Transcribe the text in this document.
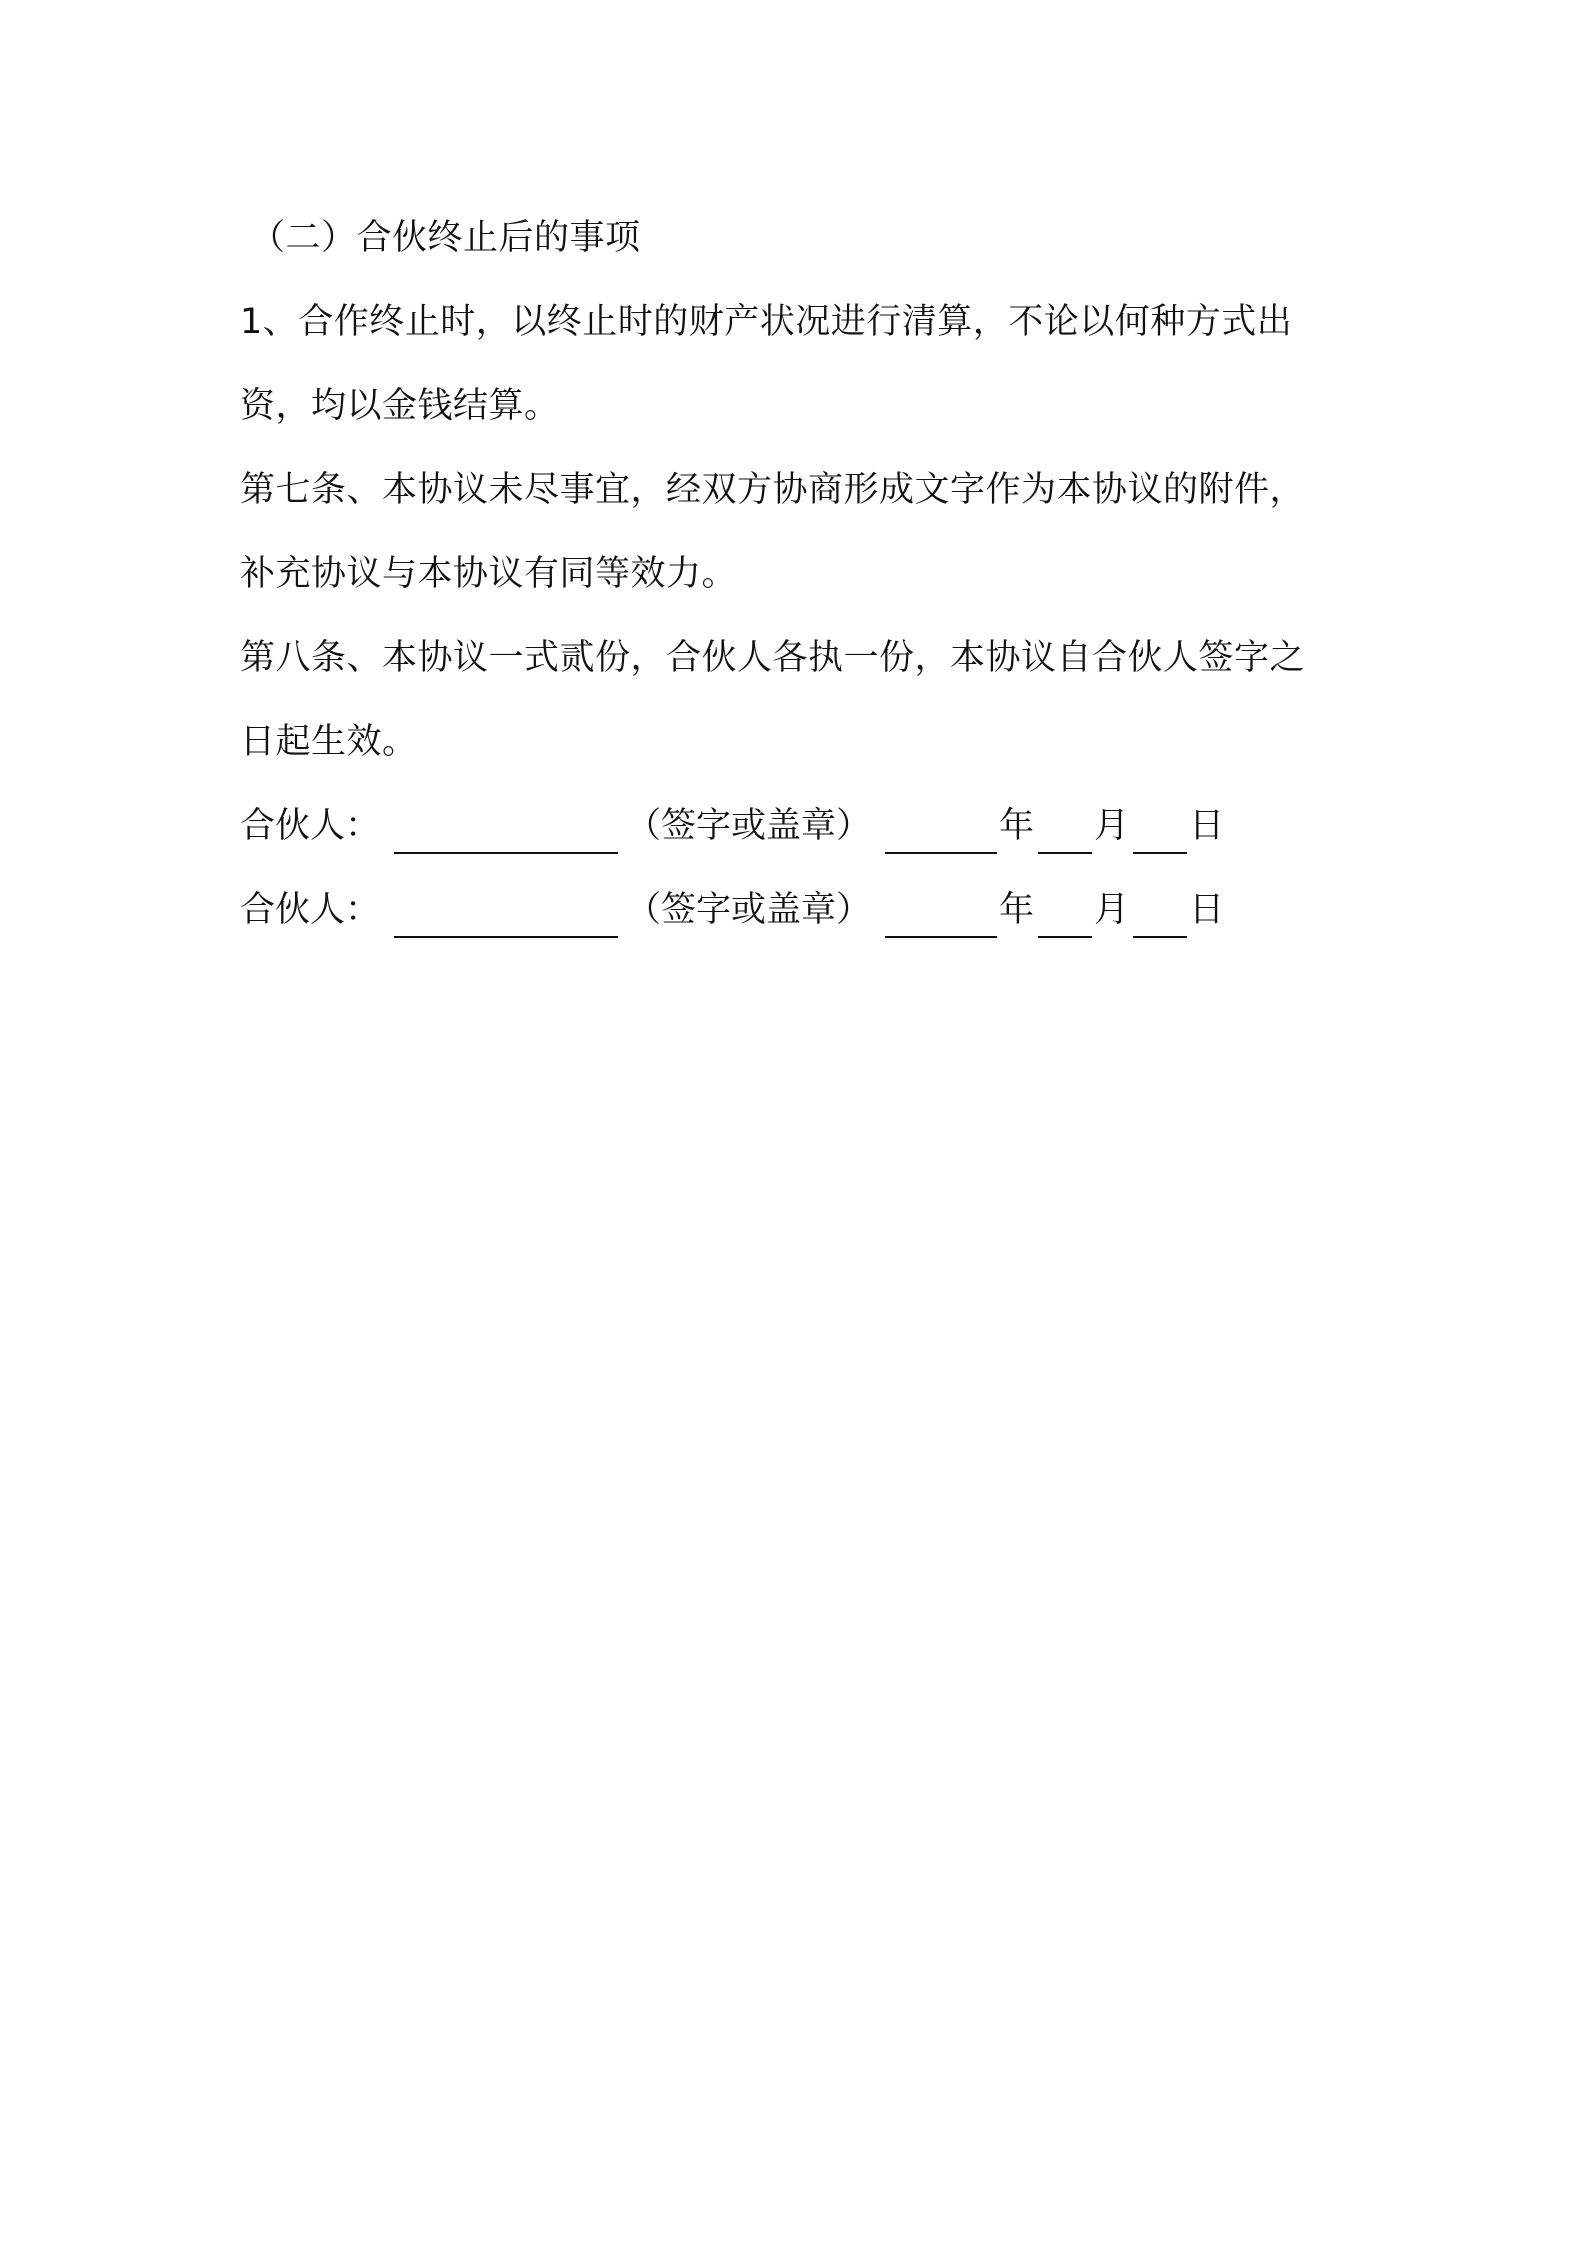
（二）合伙终止后的事项
1、合作终止时，以终止时的财产状况进行清算，不论以何种方式出
资，均以金钱结算。
第七条、本协议未尽事宜，经双方协商形成文字作为本协议的附件，
补充协议与本协议有同等效力。
第八条、本协议一式贰份，合伙人各执一份，本协议自合伙人签字之
日起生效。
合伙人：	（签字或盖章）	年 月 日
合伙人：	（签字或盖章）	年 月 日
